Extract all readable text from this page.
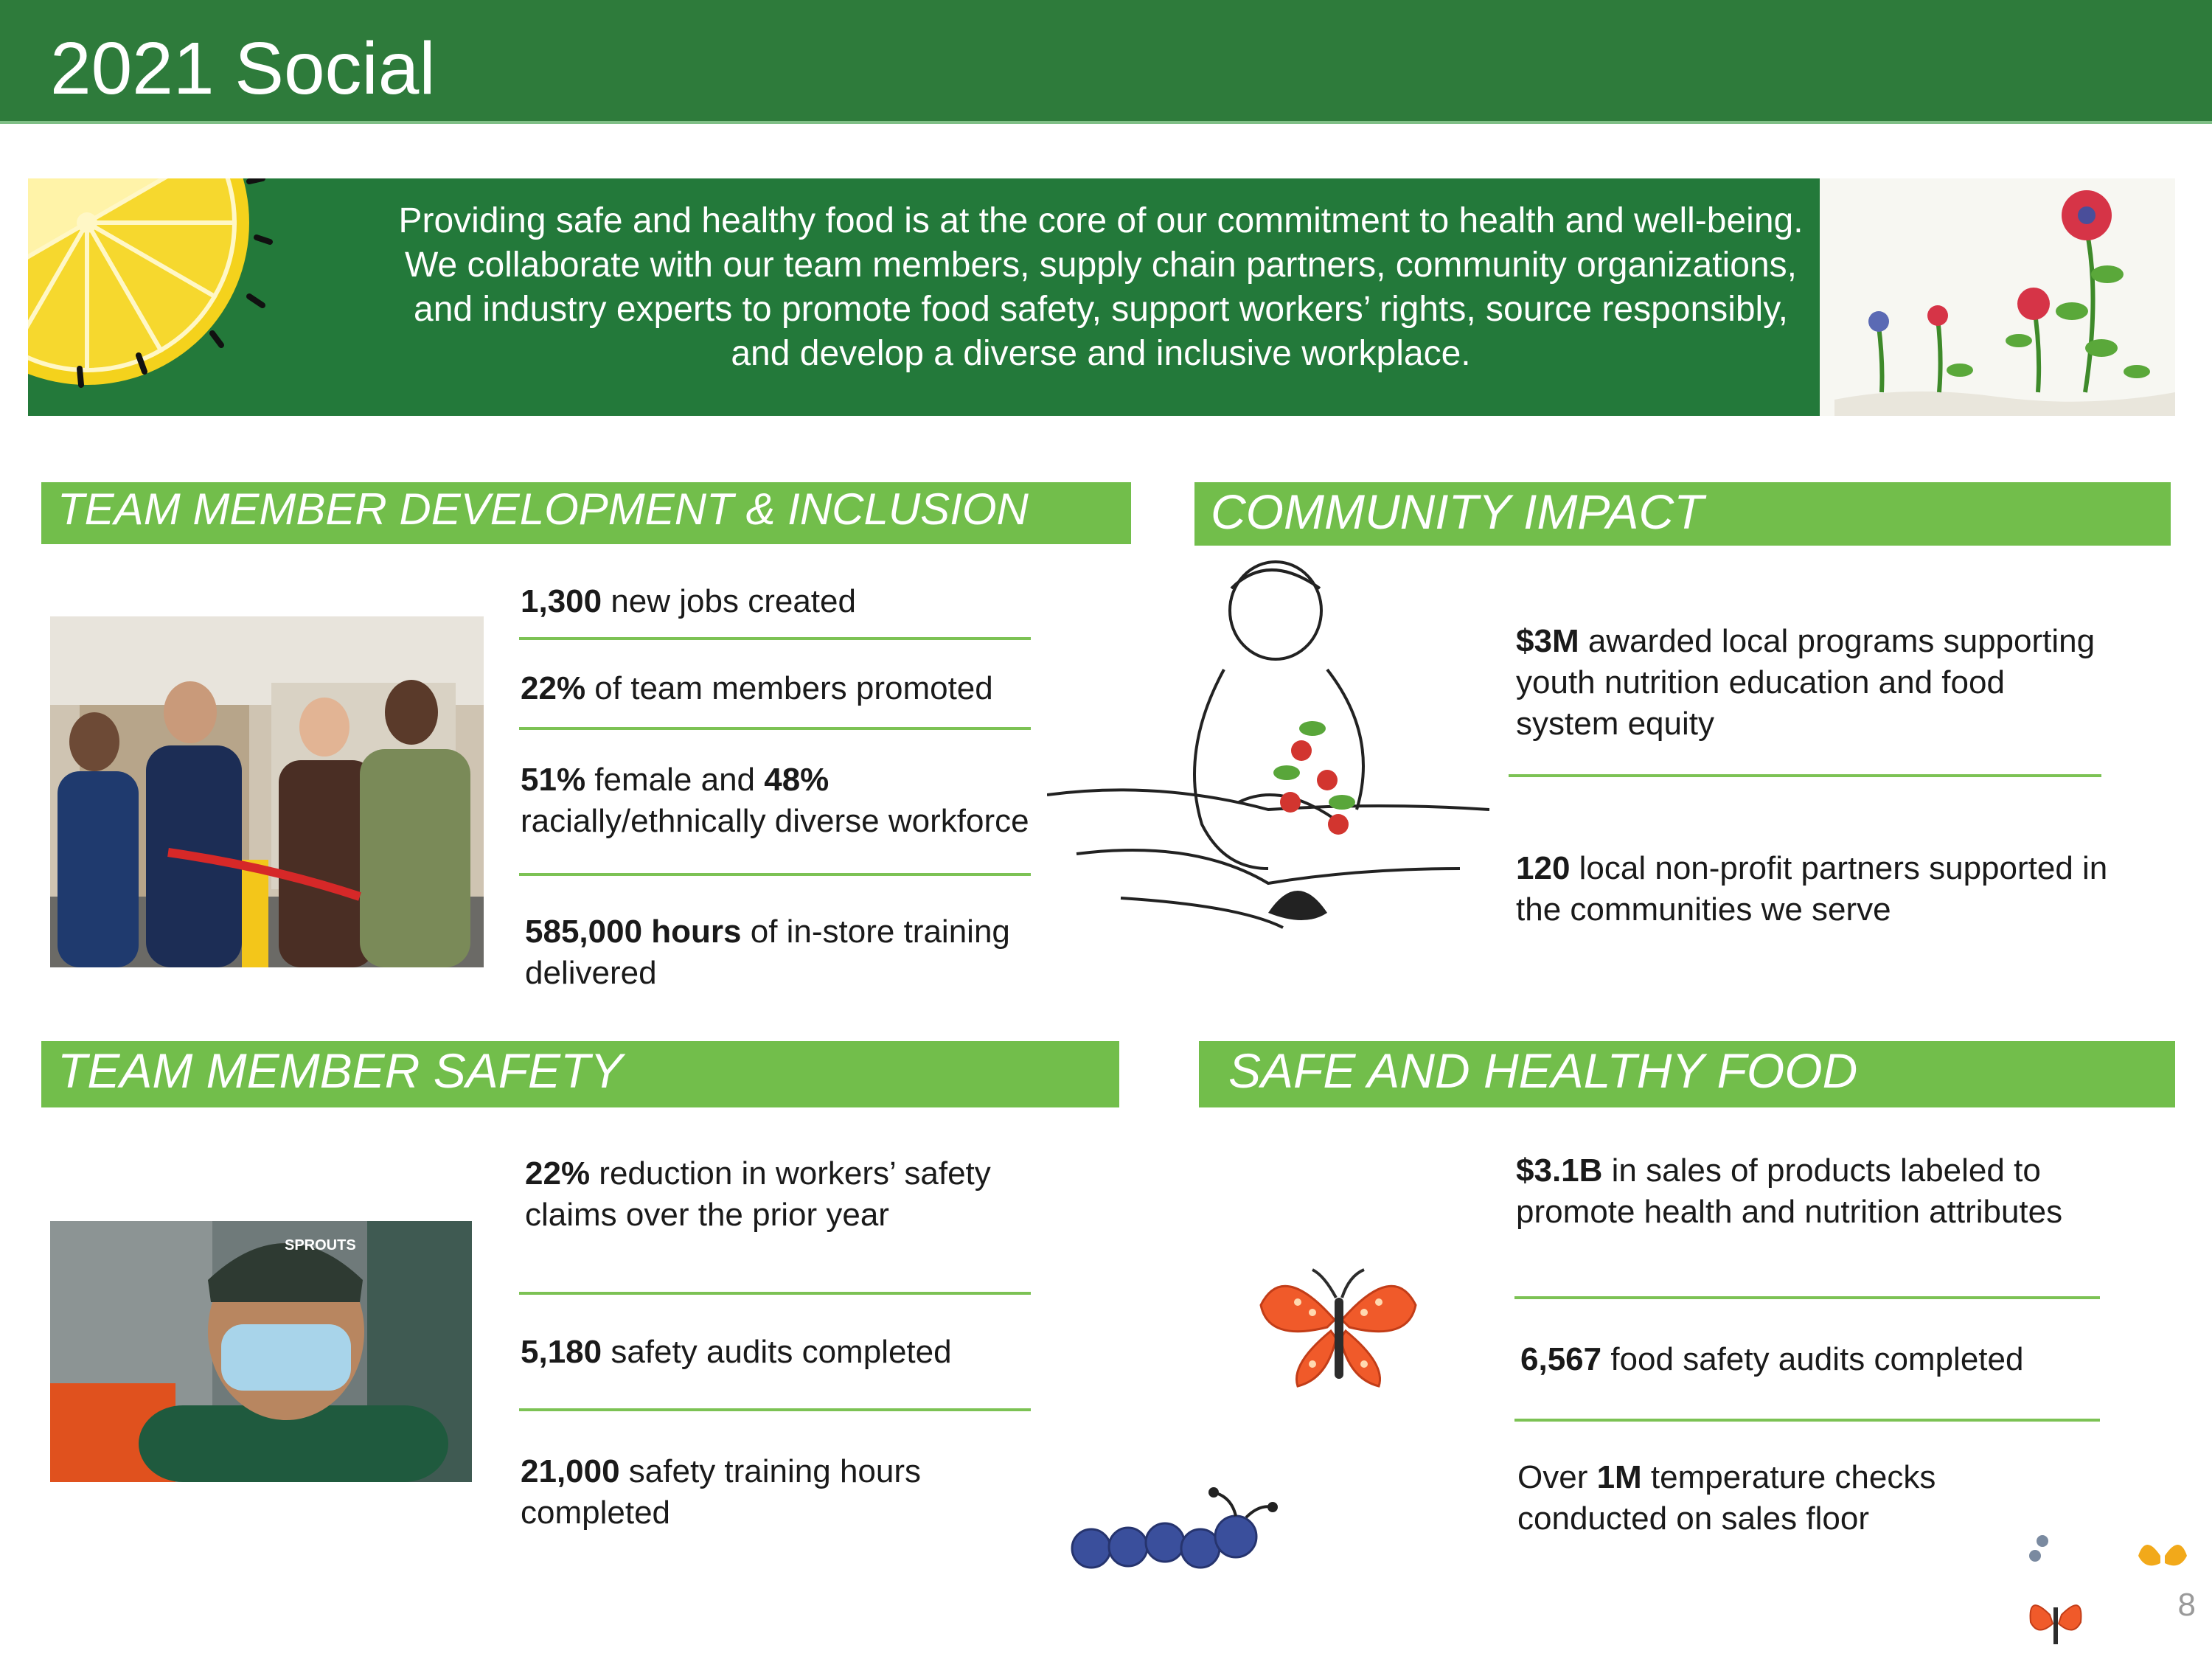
2021 Social
Providing safe and healthy food is at the core of our commitment to health and well-being.
We collaborate with our team members, supply chain partners, community organizations,
and industry experts to promote food safety, support workers’ rights, source responsibly,
and develop a diverse and inclusive workplace.
TEAM MEMBER DEVELOPMENT & INCLUSION
1,300 new jobs created
22% of team members promoted
51% female and 48%
racially/ethnically diverse workforce
585,000 hours of in-store training
delivered
COMMUNITY IMPACT
$3M awarded local programs supporting
youth nutrition education and food
system equity
120 local non-profit partners supported in
the communities we serve
TEAM MEMBER SAFETY
SPROUTS
22% reduction in workers’ safety
claims over the prior year
5,180 safety audits completed
21,000 safety training hours
completed
SAFE AND HEALTHY FOOD
$3.1B in sales of products labeled to
promote health and nutrition attributes
6,567 food safety audits completed
Over 1M temperature checks
conducted on sales floor
8
